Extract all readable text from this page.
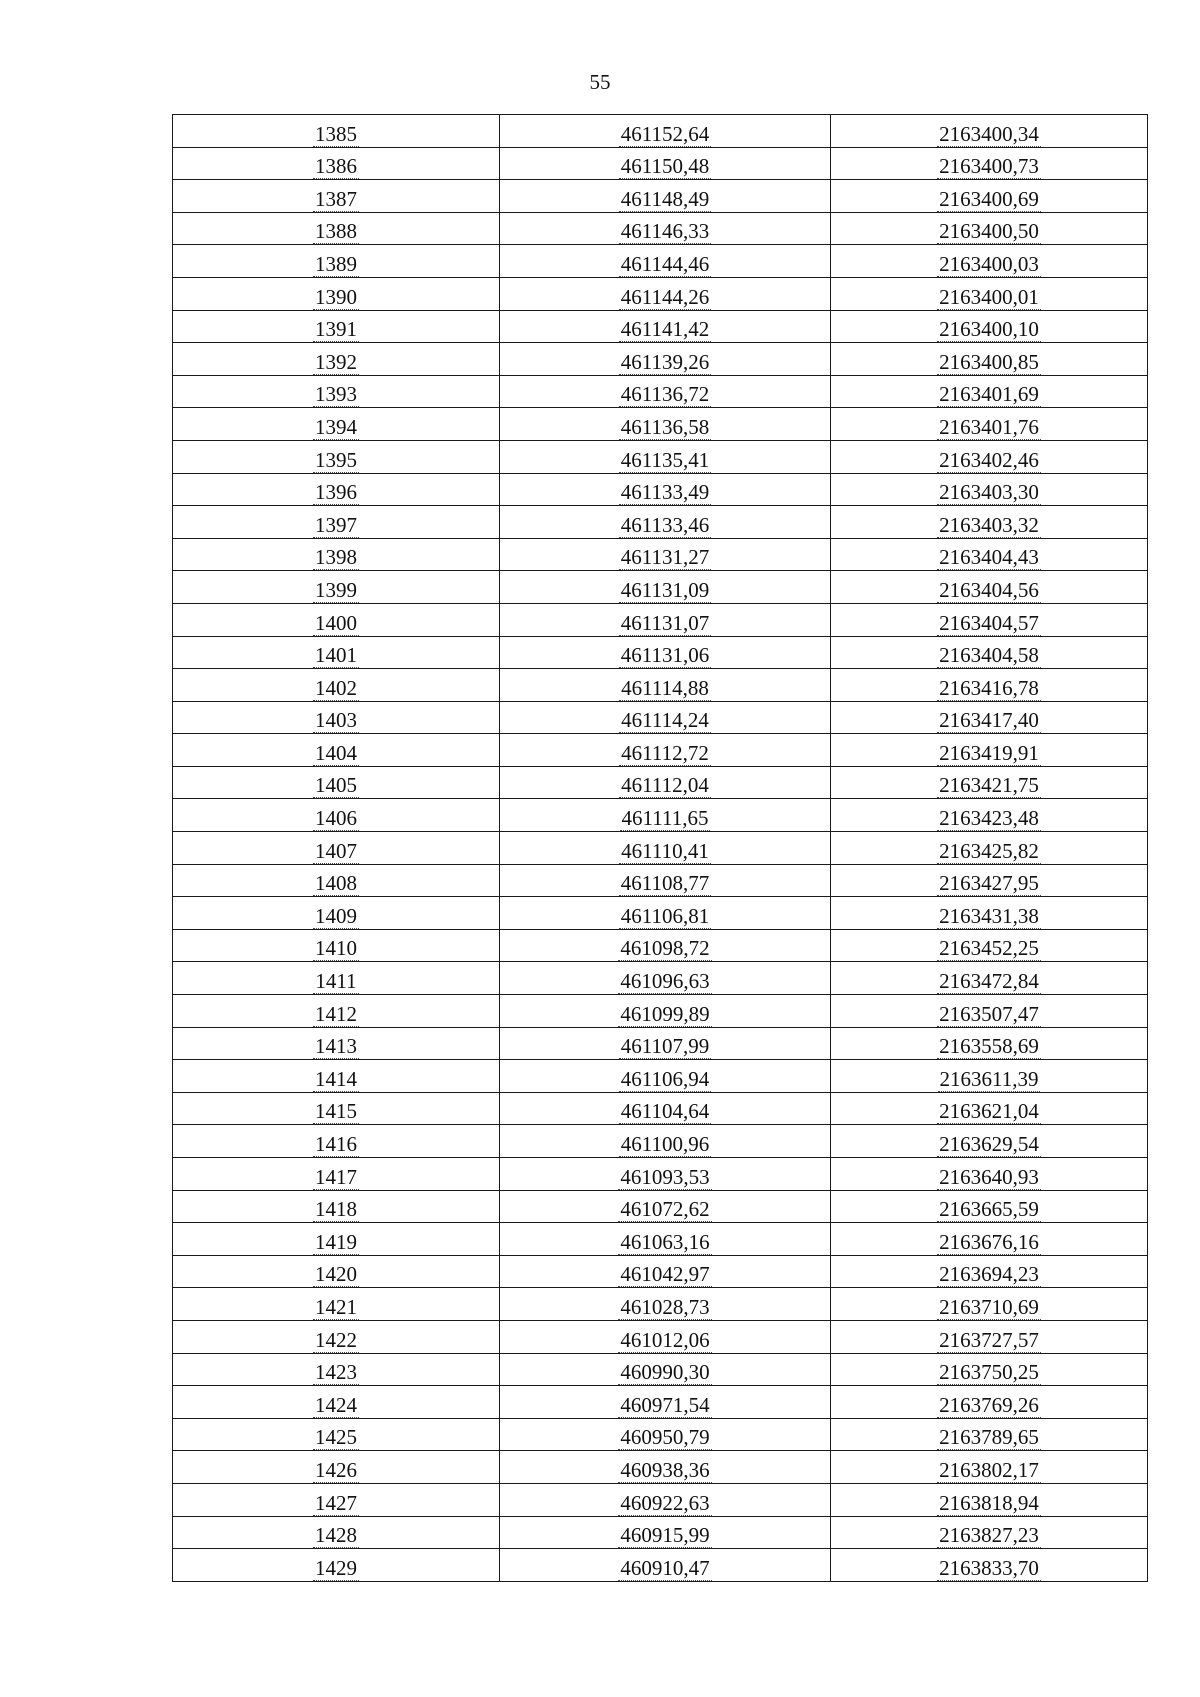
55
1385	461152,64	2163400,34
1386	461150,48	2163400,73
1387	461148,49	2163400,69
1388	461146,33	2163400,50
1389	461144,46	2163400,03
1390	461144,26	2163400,01
1391	461141,42	2163400,10
1392	461139,26	2163400,85
1393	461136,72	2163401,69
1394	461136,58	2163401,76
1395	461135,41	2163402,46
1396	461133,49	2163403,30
1397	461133,46	2163403,32
1398	461131,27	2163404,43
1399	461131,09	2163404,56
1400	461131,07	2163404,57
1401	461131,06	2163404,58
1402	461114,88	2163416,78
1403	461114,24	2163417,40
1404	461112,72	2163419,91
1405	461112,04	2163421,75
1406	461111,65	2163423,48
1407	461110,41	2163425,82
1408	461108,77	2163427,95
1409	461106,81	2163431,38
1410	461098,72	2163452,25
1411	461096,63	2163472,84
1412	461099,89	2163507,47
1413	461107,99	2163558,69
1414	461106,94	2163611,39
1415	461104,64	2163621,04
1416	461100,96	2163629,54
1417	461093,53	2163640,93
1418	461072,62	2163665,59
1419	461063,16	2163676,16
1420	461042,97	2163694,23
1421	461028,73	2163710,69
1422	461012,06	2163727,57
1423	460990,30	2163750,25
1424	460971,54	2163769,26
1425	460950,79	2163789,65
1426	460938,36	2163802,17
1427	460922,63	2163818,94
1428	460915,99	2163827,23
1429	460910,47	2163833,70
